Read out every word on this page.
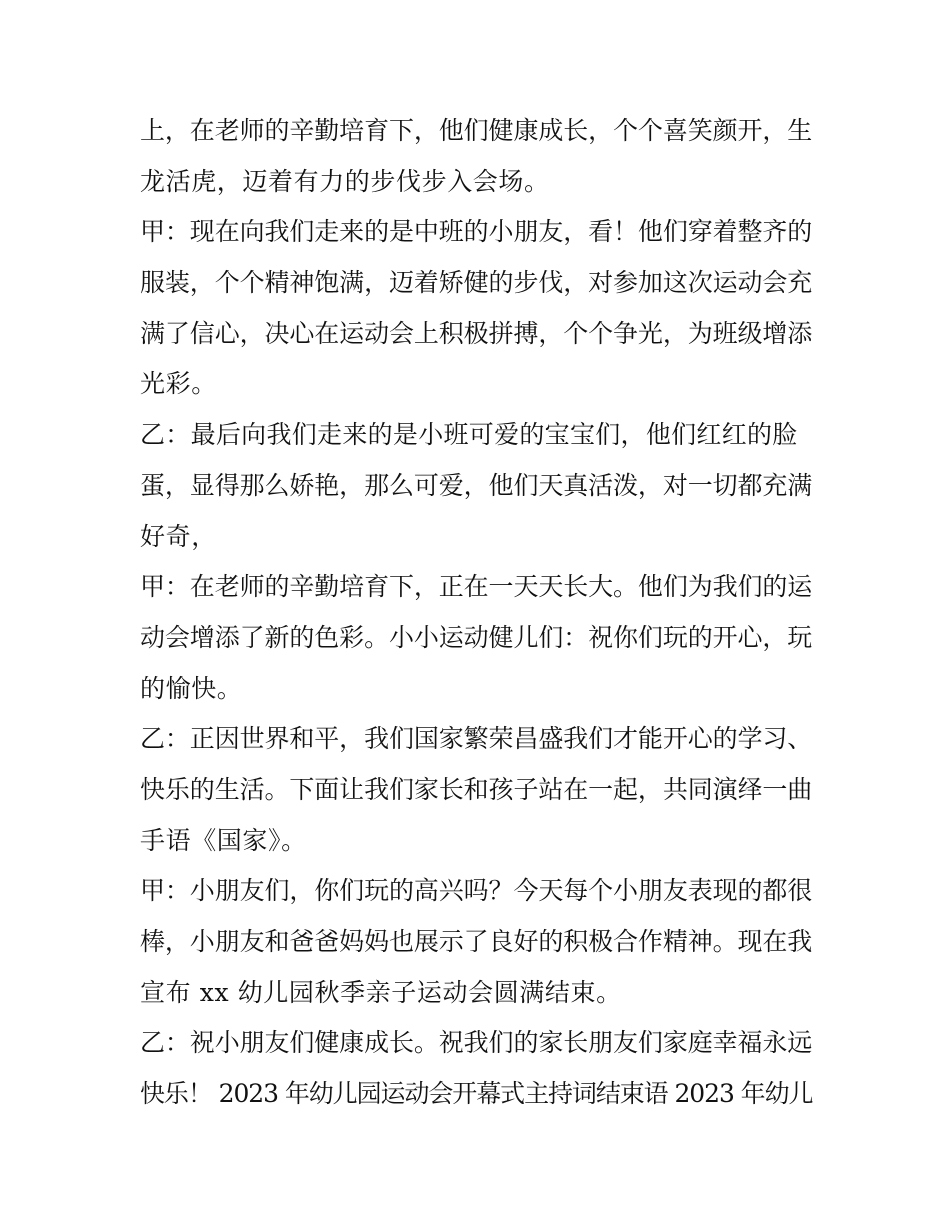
上，在老师的辛勤培育下，他们健康成长，个个喜笑颜开，生
龙活虎，迈着有力的步伐步入会场。
甲：现在向我们走来的是中班的小朋友，看！他们穿着整齐的
服装，个个精神饱满，迈着矫健的步伐，对参加这次运动会充
满了信心，决心在运动会上积极拼搏，个个争光，为班级增添
光彩。
乙：最后向我们走来的是小班可爱的宝宝们，他们红红的脸
蛋，显得那么娇艳，那么可爱，他们天真活泼，对一切都充满
好奇，
甲：在老师的辛勤培育下，正在一天天长大。他们为我们的运
动会增添了新的色彩。小小运动健儿们：祝你们玩的开心，玩
的愉快。
乙：正因世界和平，我们国家繁荣昌盛我们才能开心的学习、
快乐的生活。下面让我们家长和孩子站在一起，共同演绎一曲
手语《国家》。
甲：小朋友们，你们玩的高兴吗？今天每个小朋友表现的都很
棒，小朋友和爸爸妈妈也展示了良好的积极合作精神。现在我
宣布 xx 幼儿园秋季亲子运动会圆满结束。
乙：祝小朋友们健康成长。祝我们的家长朋友们家庭幸福永远
快乐！ 2023 年幼儿园运动会开幕式主持词结束语 2023 年幼儿
